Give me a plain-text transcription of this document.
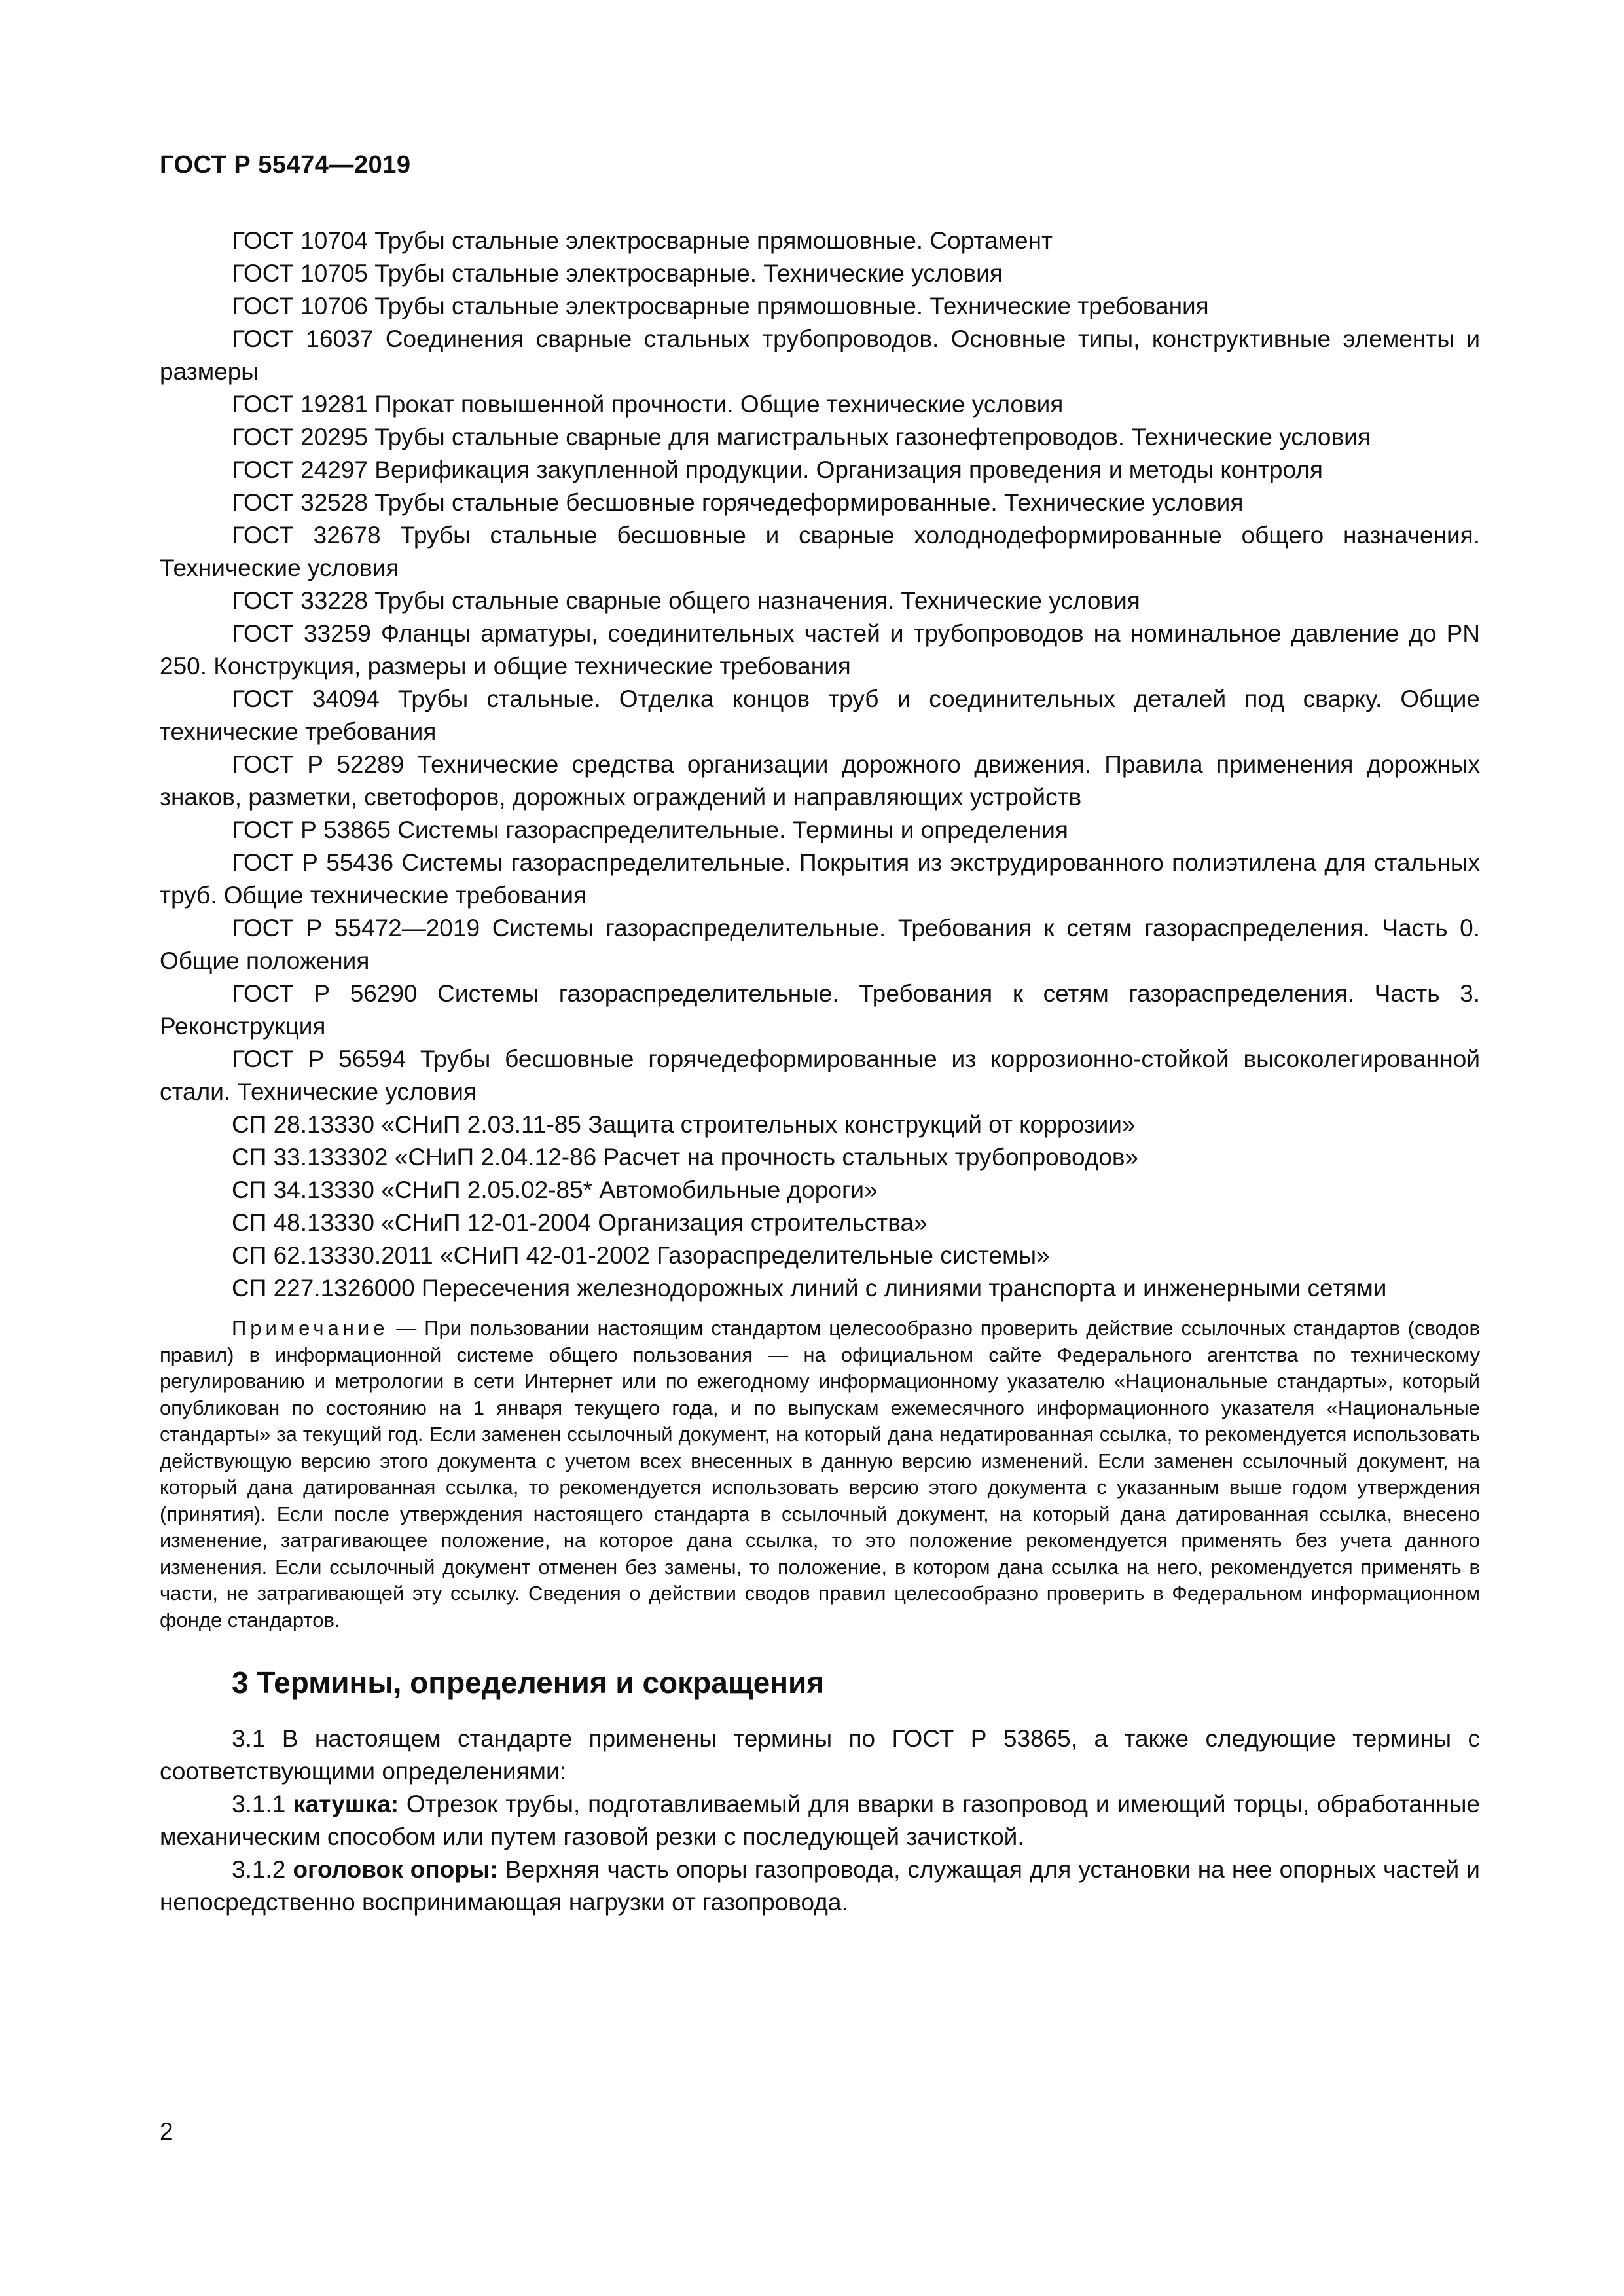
ГОСТ Р 55474—2019

ГОСТ 10704 Трубы стальные электросварные прямошовные. Сортамент

ГОСТ 10705 Трубы стальные электросварные. Технические условия

ГОСТ 10706 Трубы стальные электросварные прямошовные. Технические требования

ГОСТ 16037 Соединения сварные стальных трубопроводов. Основные типы, конструктивные элементы и размеры

ГОСТ 19281 Прокат повышенной прочности. Общие технические условия

ГОСТ 20295 Трубы стальные сварные для магистральных газонефтепроводов. Технические условия

ГОСТ 24297 Верификация закупленной продукции. Организация проведения и методы контроля

ГОСТ 32528 Трубы стальные бесшовные горячедеформированные. Технические условия

ГОСТ 32678 Трубы стальные бесшовные и сварные холоднодеформированные общего назначения. Технические условия

ГОСТ 33228 Трубы стальные сварные общего назначения. Технические условия

ГОСТ 33259 Фланцы арматуры, соединительных частей и трубопроводов на номинальное давление до PN 250. Конструкция, размеры и общие технические требования

ГОСТ 34094 Трубы стальные. Отделка концов труб и соединительных деталей под сварку. Общие технические требования

ГОСТ Р 52289 Технические средства организации дорожного движения. Правила применения дорожных знаков, разметки, светофоров, дорожных ограждений и направляющих устройств

ГОСТ Р 53865 Системы газораспределительные. Термины и определения

ГОСТ Р 55436 Системы газораспределительные. Покрытия из экструдированного полиэтилена для стальных труб. Общие технические требования

ГОСТ Р 55472—2019 Системы газораспределительные. Требования к сетям газораспределения. Часть 0. Общие положения

ГОСТ Р 56290 Системы газораспределительные. Требования к сетям газораспределения. Часть 3. Реконструкция

ГОСТ Р 56594 Трубы бесшовные горячедеформированные из коррозионно-стойкой высоколегированной стали. Технические условия

СП 28.13330 «СНиП 2.03.11-85 Защита строительных конструкций от коррозии»

СП 33.133302 «СНиП 2.04.12-86 Расчет на прочность стальных трубопроводов»

СП 34.13330 «СНиП 2.05.02-85* Автомобильные дороги»

СП 48.13330 «СНиП 12-01-2004 Организация строительства»

СП 62.13330.2011 «СНиП 42-01-2002 Газораспределительные системы»

СП 227.1326000 Пересечения железнодорожных линий с линиями транспорта и инженерными сетями

Примечание — При пользовании настоящим стандартом целесообразно проверить действие ссылочных стандартов (сводов правил) в информационной системе общего пользования — на официальном сайте Федерального агентства по техническому регулированию и метрологии в сети Интернет или по ежегодному информационному указателю «Национальные стандарты», который опубликован по состоянию на 1 января текущего года, и по выпускам ежемесячного информационного указателя «Национальные стандарты» за текущий год. Если заменен ссылочный документ, на который дана недатированная ссылка, то рекомендуется использовать действующую версию этого документа с учетом всех внесенных в данную версию изменений. Если заменен ссылочный документ, на который дана датированная ссылка, то рекомендуется использовать версию этого документа с указанным выше годом утверждения (принятия). Если после утверждения настоящего стандарта в ссылочный документ, на который дана датированная ссылка, внесено изменение, затрагивающее положение, на которое дана ссылка, то это положение рекомендуется применять без учета данного изменения. Если ссылочный документ отменен без замены, то положение, в котором дана ссылка на него, рекомендуется применять в части, не затрагивающей эту ссылку. Сведения о действии сводов правил целесообразно проверить в Федеральном информационном фонде стандартов.

3 Термины, определения и сокращения

3.1 В настоящем стандарте применены термины по ГОСТ Р 53865, а также следующие термины с соответствующими определениями:

3.1.1 катушка: Отрезок трубы, подготавливаемый для вварки в газопровод и имеющий торцы, обработанные механическим способом или путем газовой резки с последующей зачисткой.

3.1.2 оголовок опоры: Верхняя часть опоры газопровода, служащая для установки на нее опорных частей и непосредственно воспринимающая нагрузки от газопровода.

2
